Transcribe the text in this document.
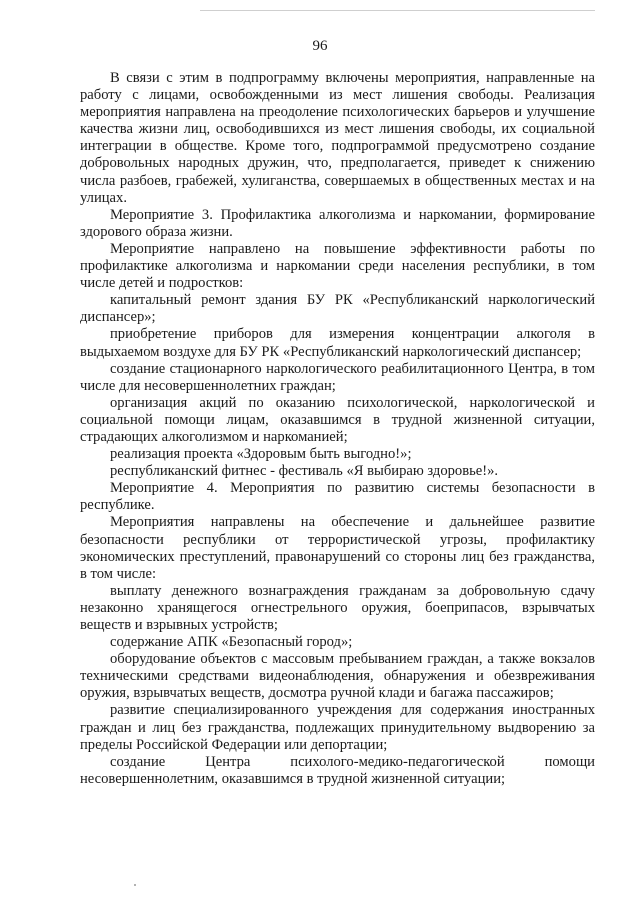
96

В связи с этим в подпрограмму включены мероприятия, направленные на работу с лицами, освобожденными из мест лишения свободы. Реализация мероприятия направлена на преодоление психологических барьеров и улучшение качества жизни лиц, освободившихся из мест лишения свободы, их социальной интеграции в обществе. Кроме того, подпрограммой предусмотрено создание добровольных народных дружин, что, предполагается, приведет к снижению числа разбоев, грабежей, хулиганства, совершаемых в общественных местах и на улицах.

Мероприятие 3. Профилактика алкоголизма и наркомании, формирование здорового образа жизни.

Мероприятие направлено на повышение эффективности работы по профилактике алкоголизма и наркомании среди населения республики, в том числе детей и подростков:

капитальный ремонт здания БУ РК «Республиканский наркологический диспансер»;

приобретение приборов для измерения концентрации алкоголя в выдыхаемом воздухе для БУ РК «Республиканский наркологический диспансер;

создание стационарного наркологического реабилитационного Центра, в том числе для несовершеннолетних граждан;

организация акций по оказанию психологической, наркологической и социальной помощи лицам, оказавшимся в трудной жизненной ситуации, страдающих алкоголизмом и наркоманией;

реализация проекта «Здоровым быть выгодно!»;

республиканский фитнес - фестиваль «Я выбираю здоровье!».

Мероприятие 4. Мероприятия по развитию системы безопасности в республике.

Мероприятия направлены на обеспечение и дальнейшее развитие безопасности республики от террористической угрозы, профилактику экономических преступлений, правонарушений со стороны лиц без гражданства, в том числе:

выплату денежного вознаграждения гражданам за добровольную сдачу незаконно хранящегося огнестрельного оружия, боеприпасов, взрывчатых веществ и взрывных устройств;

содержание АПК «Безопасный город»;

оборудование объектов с массовым пребыванием граждан, а также вокзалов техническими средствами видеонаблюдения, обнаружения и обезвреживания оружия, взрывчатых веществ, досмотра ручной клади и багажа пассажиров;

развитие специализированного учреждения для содержания иностранных граждан и лиц без гражданства, подлежащих принудительному выдворению за пределы Российской Федерации или депортации;

создание Центра психолого-медико-педагогической помощи несовершеннолетним, оказавшимся в трудной жизненной ситуации;
